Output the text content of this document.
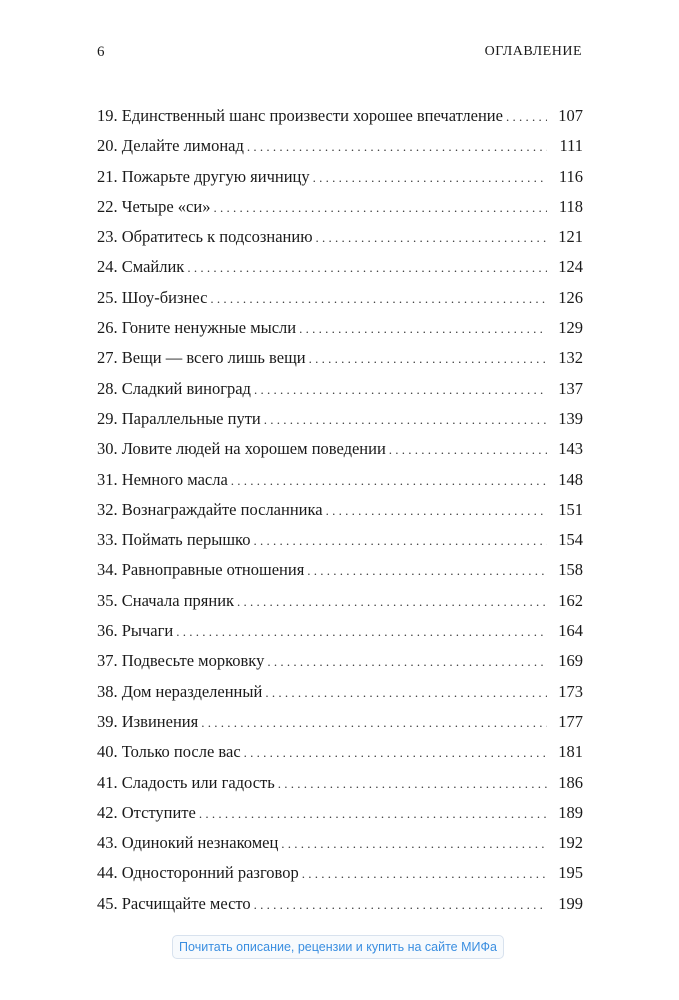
6	ОГЛАВЛЕНИЕ
19. Единственный шанс произвести хорошее впечатление . . .	107
20. Делайте лимонад . . .	111
21. Пожарьте другую яичницу . . .	116
22. Четыре «си» . . .	118
23. Обратитесь к подсознанию . . .	121
24. Смайлик . . .	124
25. Шоу-бизнес . . .	126
26. Гоните ненужные мысли . . .	129
27. Вещи — всего лишь вещи . . .	132
28. Сладкий виноград . . .	137
29. Параллельные пути . . .	139
30. Ловите людей на хорошем поведении . . .	143
31. Немного масла . . .	148
32. Вознаграждайте посланника . . .	151
33. Поймать перышко . . .	154
34. Равноправные отношения . . .	158
35. Сначала пряник . . .	162
36. Рычаги . . .	164
37. Подвесьте морковку . . .	169
38. Дом неразделенный . . .	173
39. Извинения . . .	177
40. Только после вас . . .	181
41. Сладость или гадость . . .	186
42. Отступите . . .	189
43. Одинокий незнакомец . . .	192
44. Односторонний разговор . . .	195
45. Расчищайте место . . .	199
Почитать описание, рецензии и купить на сайте МИФа
